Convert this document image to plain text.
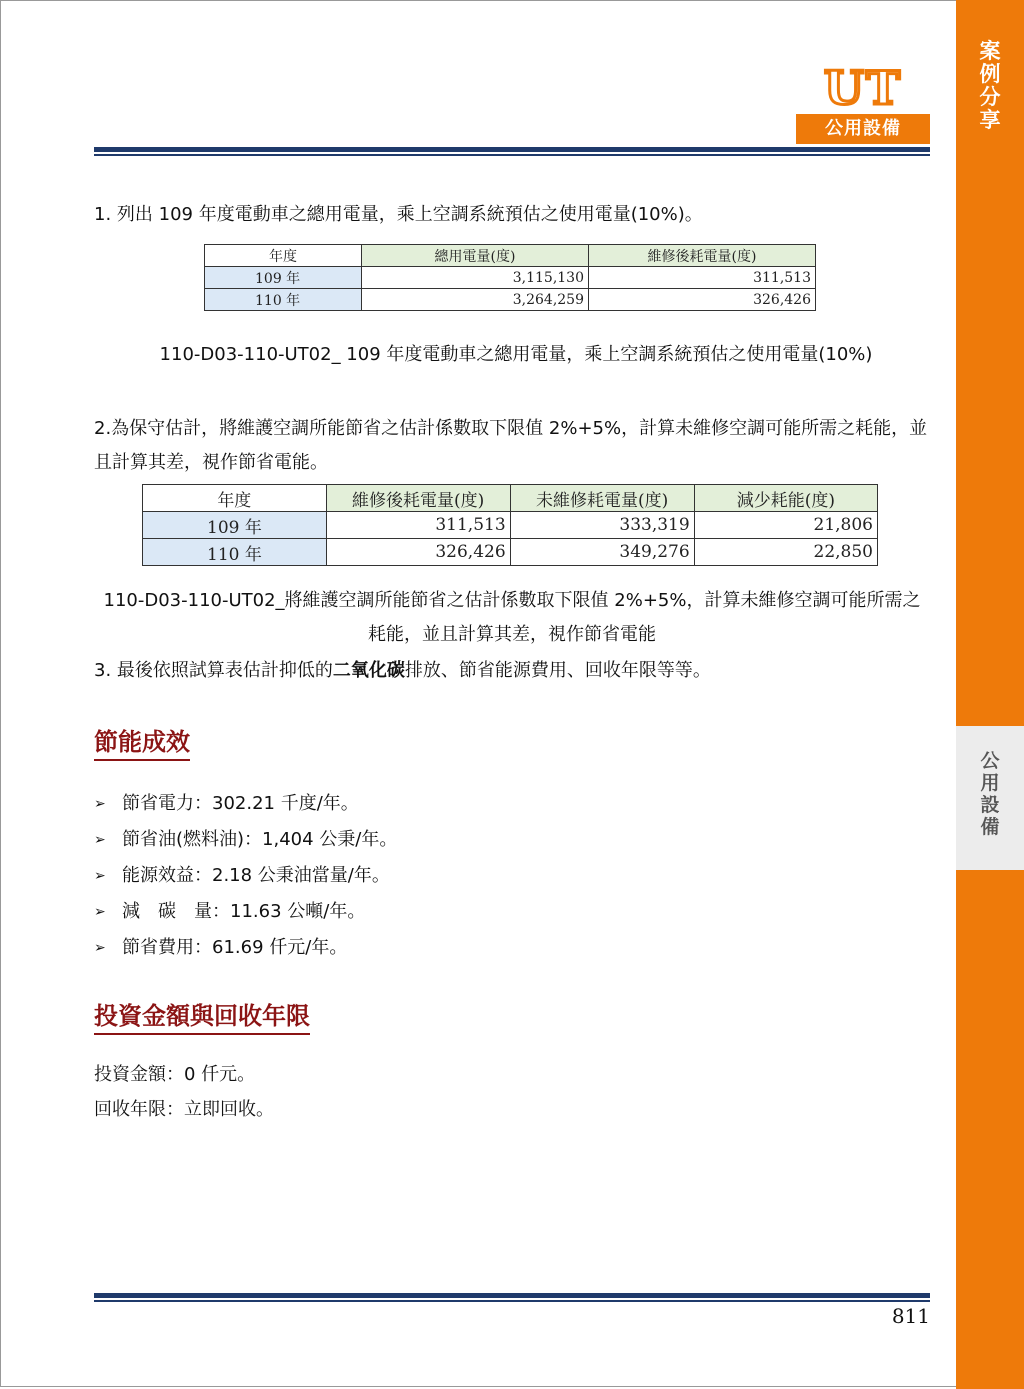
案
例
分
享
公
用
設
備
UT
公用設備
1. 列出 109 年度電動車之總用電量，乘上空調系統預估之使用電量(10%)。
年度	總用電量(度)	維修後耗電量(度)
109 年	3,115,130	311,513
110 年	3,264,259	326,426
110-D03-110-UT02_ 109 年度電動車之總用電量，乘上空調系統預估之使用電量(10%)
2.為保守估計，將維護空調所能節省之估計係數取下限值 2%+5%，計算未維修空調可能所需之耗能，並且計算其差，視作節省電能。
年度	維修後耗電量(度)	未維修耗電量(度)	減少耗能(度)
109 年	311,513	333,319	21,806
110 年	326,426	349,276	22,850
110-D03-110-UT02_將維護空調所能節省之估計係數取下限值 2%+5%，計算未維修空調可能所需之耗能，並且計算其差，視作節省電能
3. 最後依照試算表估計抑低的二氧化碳排放、節省能源費用、回收年限等等。
節能成效
➢ 節省電力：302.21 千度/年。
➢ 節省油(燃料油)：1,404 公秉/年。
➢ 能源效益：2.18 公秉油當量/年。
➢ 減　碳　量：11.63 公噸/年。
➢ 節省費用：61.69 仟元/年。
投資金額與回收年限
投資金額：0 仟元。
回收年限：立即回收。
811
